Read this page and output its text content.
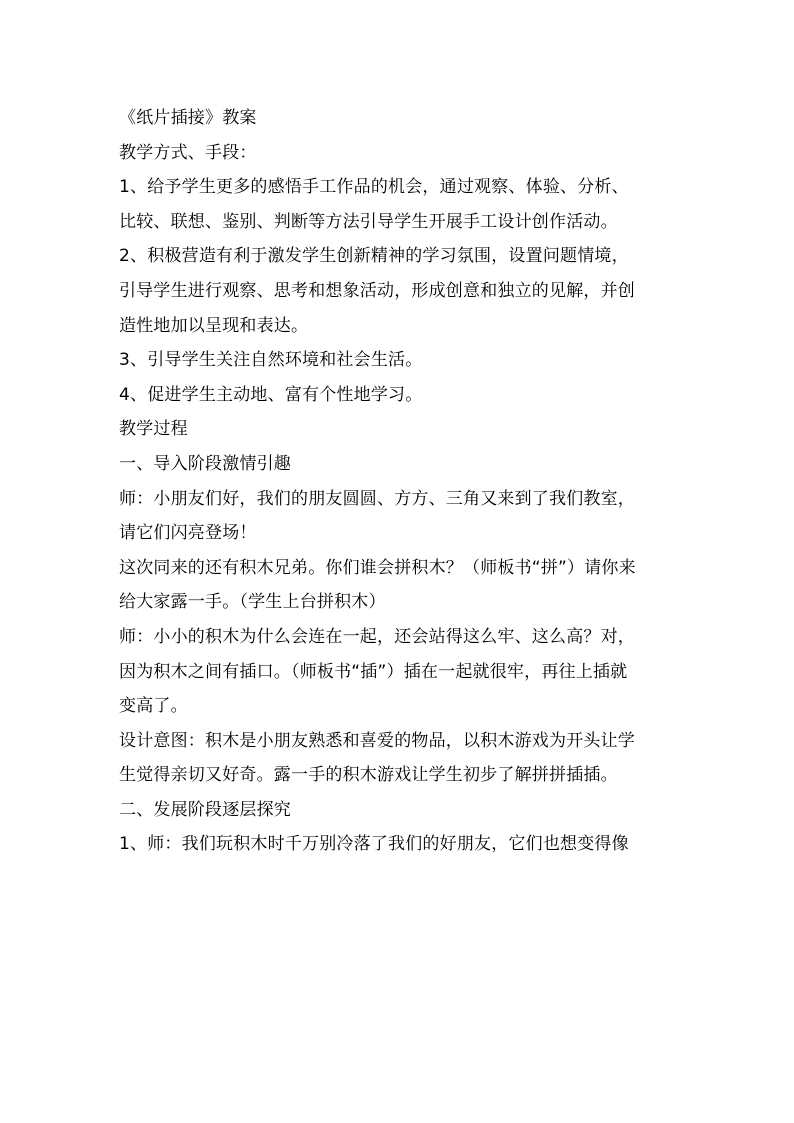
《纸片插接》教案

教学方式、手段：

1、给予学生更多的感悟手工作品的机会，通过观察、体验、分析、

比较、联想、鉴别、判断等方法引导学生开展手工设计创作活动。

2、积极营造有利于激发学生创新精神的学习氛围，设置问题情境，

引导学生进行观察、思考和想象活动，形成创意和独立的见解，并创

造性地加以呈现和表达。

3、引导学生关注自然环境和社会生活。

4、促进学生主动地、富有个性地学习。

教学过程

一、导入阶段激情引趣

师：小朋友们好，我们的朋友圆圆、方方、三角又来到了我们教室，

请它们闪亮登场！

这次同来的还有积木兄弟。你们谁会拼积木？（师板书“拼”）请你来

给大家露一手。（学生上台拼积木）

师：小小的积木为什么会连在一起，还会站得这么牢、这么高？对，

因为积木之间有插口。（师板书“插”）插在一起就很牢，再往上插就

变高了。

设计意图：积木是小朋友熟悉和喜爱的物品，以积木游戏为开头让学

生觉得亲切又好奇。露一手的积木游戏让学生初步了解拼拼插插。

二、发展阶段逐层探究

1、师：我们玩积木时千万别冷落了我们的好朋友，它们也想变得像
